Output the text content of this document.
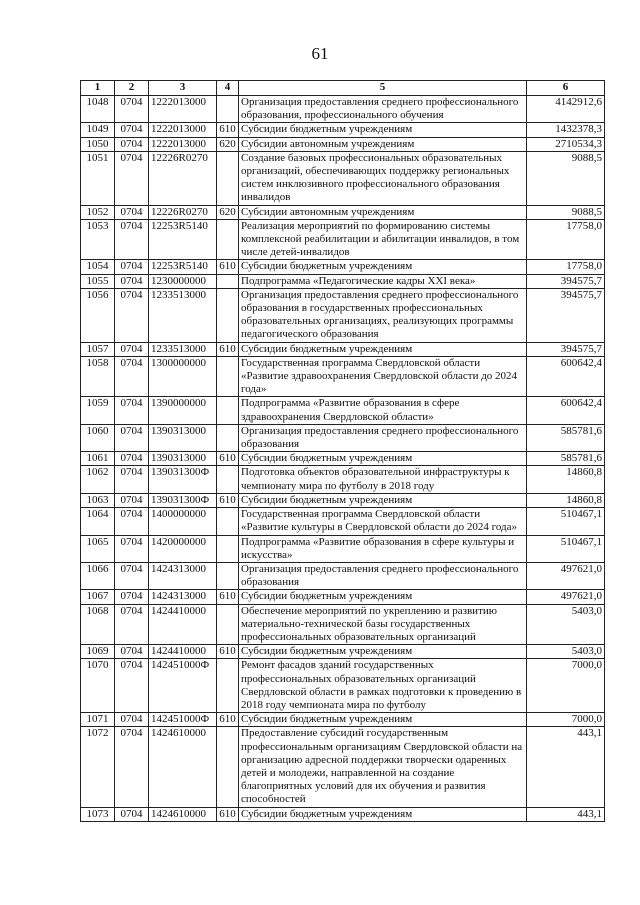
61
1	2	3	4	5	6
1048	0704	1222013000		Организация предоставления среднего профессионального образования, профессионального обучения	4142912,6
1049	0704	1222013000	610	Субсидии бюджетным учреждениям	1432378,3
1050	0704	1222013000	620	Субсидии автономным учреждениям	2710534,3
1051	0704	12226R0270		Создание базовых профессиональных образовательных организаций, обеспечивающих поддержку региональных систем инклюзивного профессионального образования инвалидов	9088,5
1052	0704	12226R0270	620	Субсидии автономным учреждениям	9088,5
1053	0704	12253R5140		Реализация мероприятий по формированию системы комплексной реабилитации и абилитации инвалидов, в том числе детей-инвалидов	17758,0
1054	0704	12253R5140	610	Субсидии бюджетным учреждениям	17758,0
1055	0704	1230000000		Подпрограмма «Педагогические кадры XXI века»	394575,7
1056	0704	1233513000		Организация предоставления среднего профессионального образования в государственных профессиональных образовательных организациях, реализующих программы педагогического образования	394575,7
1057	0704	1233513000	610	Субсидии бюджетным учреждениям	394575,7
1058	0704	1300000000		Государственная программа Свердловской области «Развитие здравоохранения Свердловской области до 2024 года»	600642,4
1059	0704	1390000000		Подпрограмма «Развитие образования в сфере здравоохранения Свердловской области»	600642,4
1060	0704	1390313000		Организация предоставления среднего профессионального образования	585781,6
1061	0704	1390313000	610	Субсидии бюджетным учреждениям	585781,6
1062	0704	139031300Ф		Подготовка объектов образовательной инфраструктуры к чемпионату мира по футболу в 2018 году	14860,8
1063	0704	139031300Ф	610	Субсидии бюджетным учреждениям	14860,8
1064	0704	1400000000		Государственная программа Свердловской области «Развитие культуры в Свердловской области до 2024 года»	510467,1
1065	0704	1420000000		Подпрограмма «Развитие образования в сфере культуры и искусства»	510467,1
1066	0704	1424313000		Организация предоставления среднего профессионального образования	497621,0
1067	0704	1424313000	610	Субсидии бюджетным учреждениям	497621,0
1068	0704	1424410000		Обеспечение мероприятий по укреплению и развитию материально-технической базы государственных профессиональных образовательных организаций	5403,0
1069	0704	1424410000	610	Субсидии бюджетным учреждениям	5403,0
1070	0704	142451000Ф		Ремонт фасадов зданий государственных профессиональных образовательных организаций Свердловской области в рамках подготовки к проведению в 2018 году чемпионата мира по футболу	7000,0
1071	0704	142451000Ф	610	Субсидии бюджетным учреждениям	7000,0
1072	0704	1424610000		Предоставление субсидий государственным профессиональным организациям Свердловской области на организацию адресной поддержки творчески одаренных детей и молодежи, направленной на создание благоприятных условий для их обучения и развития способностей	443,1
1073	0704	1424610000	610	Субсидии бюджетным учреждениям	443,1
